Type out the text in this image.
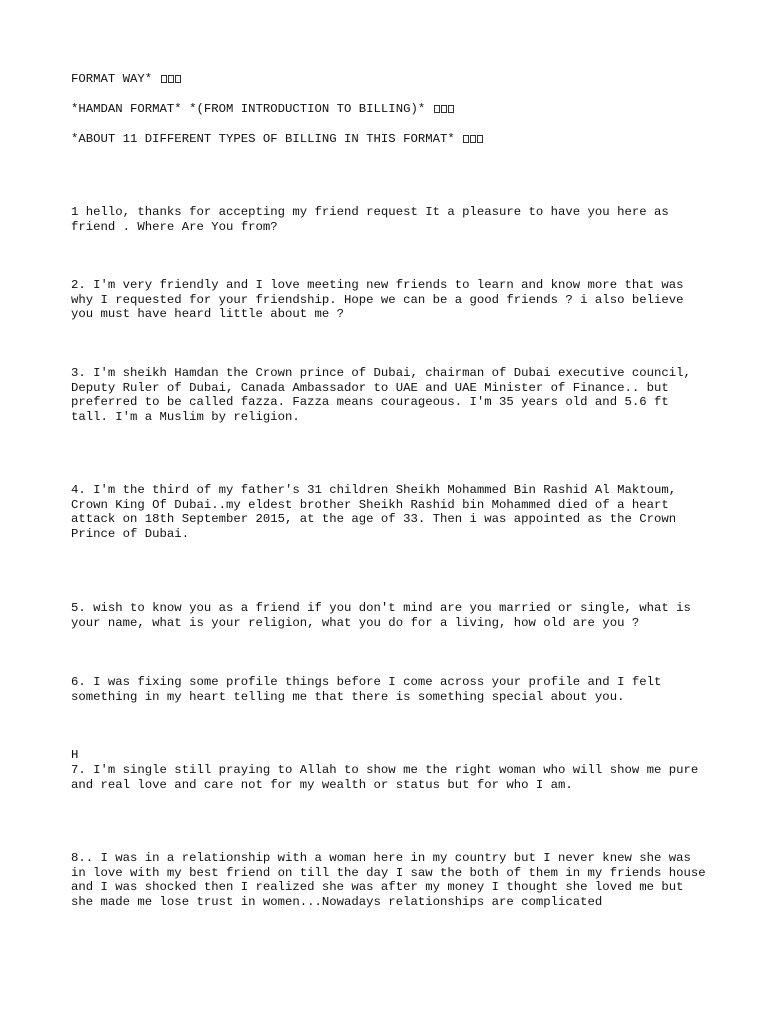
FORMAT WAY*

*HAMDAN FORMAT* *(FROM INTRODUCTION TO BILLING)*

*ABOUT 11 DIFFERENT TYPES OF BILLING IN THIS FORMAT*

1 hello, thanks for accepting my friend request It a pleasure to have you here as friend . Where Are You from?

2. I'm very friendly and I love meeting new friends to learn and know more that was why I requested for your friendship. Hope we can be a good friends ? i also believe you must have heard little about me ?

3. I'm sheikh Hamdan the Crown prince of Dubai, chairman of Dubai executive council, Deputy Ruler of Dubai, Canada Ambassador to UAE and UAE Minister of Finance.. but preferred to be called fazza. Fazza means courageous. I'm 35 years old and 5.6 ft tall. I'm a Muslim by religion.

4. I'm the third of my father's 31 children Sheikh Mohammed Bin Rashid Al Maktoum, Crown King Of Dubai..my eldest brother Sheikh Rashid bin Mohammed died of a heart attack on 18th September 2015, at the age of 33. Then i was appointed as the Crown Prince of Dubai.

5. wish to know you as a friend if you don't mind are you married or single, what is your name, what is your religion, what you do for a living, how old are you ?

6. I was fixing some profile things before I come across your profile and I felt something in my heart telling me that there is something special about you.

H

7. I'm single still praying to Allah to show me the right woman who will show me pure and real love and care not for my wealth or status but for who I am.

8.. I was in a relationship with a woman here in my country but I never knew she was in love with my best friend on till the day I saw the both of them in my friends house and I was shocked then I realized she was after my money I thought she loved me but she made me lose trust in women...Nowadays relationships are complicated
